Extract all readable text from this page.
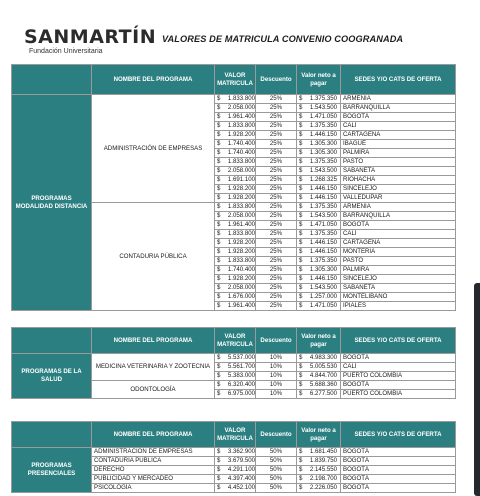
SANMARTÍN
Fundación Universitaria
VALORES DE MATRICULA CONVENIO COOGRANADA
	NOMBRE DEL PROGRAMA	VALOR MATRICULA	Descuento	Valor neto a pagar	SEDES Y/O CATS DE OFERTA
PROGRAMAS MODALIDAD DISTANCIA	ADMINISTRACIÓN DE EMPRESAS	$ 1.833.800	25%	$ 1.375.350	ARMENIA
		$ 2.058.000	25%	$ 1.543.500	BARRANQUILLA
		$ 1.961.400	25%	$ 1.471.050	BOGOTÁ
		$ 1.833.800	25%	$ 1.375.350	CALÍ
		$ 1.928.200	25%	$ 1.446.150	CARTAGENA
		$ 1.740.400	25%	$ 1.305.300	IBAGUÉ
		$ 1.740.400	25%	$ 1.305.300	PALMIRA
		$ 1.833.800	25%	$ 1.375.350	PASTO
		$ 2.058.000	25%	$ 1.543.500	SABANETA
		$ 1.691.100	25%	$ 1.268.325	RIOHACHA
		$ 1.928.200	25%	$ 1.446.150	SINCELEJO
		$ 1.928.200	25%	$ 1.446.150	VALLEDUPAR
	CONTADURIA PÚBLICA	$ 1.833.800	25%	$ 1.375.350	ARMENIA
		$ 2.058.000	25%	$ 1.543.500	BARRANQUILLA
		$ 1.961.400	25%	$ 1.471.050	BOGOTÁ
		$ 1.833.800	25%	$ 1.375.350	CALÍ
		$ 1.928.200	25%	$ 1.446.150	CARTAGENA
		$ 1.928.200	25%	$ 1.446.150	MONTERIA
		$ 1.833.800	25%	$ 1.375.350	PASTO
		$ 1.740.400	25%	$ 1.305.300	PALMIRA
		$ 1.928.200	25%	$ 1.446.150	SINCELEJO
		$ 2.058.000	25%	$ 1.543.500	SABANETA
		$ 1.676.000	25%	$ 1.257.000	MONTELIBANO
		$ 1.961.400	25%	$ 1.471.050	IPIALES
	NOMBRE DEL PROGRAMA	VALOR MATRICULA	Descuento	Valor neto a pagar	SEDES Y/O CATS DE OFERTA
PROGRAMAS DE LA SALUD	MEDICINA VETERINARIA Y ZOOTECNIA	$ 5.537.000	10%	$ 4.983.300	BOGOTÁ
		$ 5.561.700	10%	$ 5.005.530	CALÍ
		$ 5.383.000	10%	$ 4.844.700	PUERTO COLOMBIA
	ODONTOLOGÍA	$ 6.320.400	10%	$ 5.688.360	BOGOTÁ
		$ 6.975.000	10%	$ 6.277.500	PUERTO COLOMBIA
	NOMBRE DEL PROGRAMA	VALOR MATRICULA	Descuento	Valor neto a pagar	SEDES Y/O CATS DE OFERTA
PROGRAMAS PRESENCIALES	ADMINISTRACIÓN DE EMPRESAS	$ 3.362.900	50%	$ 1.681.450	BOGOTÁ
	CONTADURIA PÚBLICA	$ 3.679.500	50%	$ 1.839.750	BOGOTÁ
	DERECHO	$ 4.291.100	50%	$ 2.145.550	BOGOTÁ
	PUBLICIDAD Y MERCADEO	$ 4.397.400	50%	$ 2.198.700	BOGOTÁ
	PSICOLOGÍA	$ 4.452.100	50%	$ 2.226.050	BOGOTÁ
